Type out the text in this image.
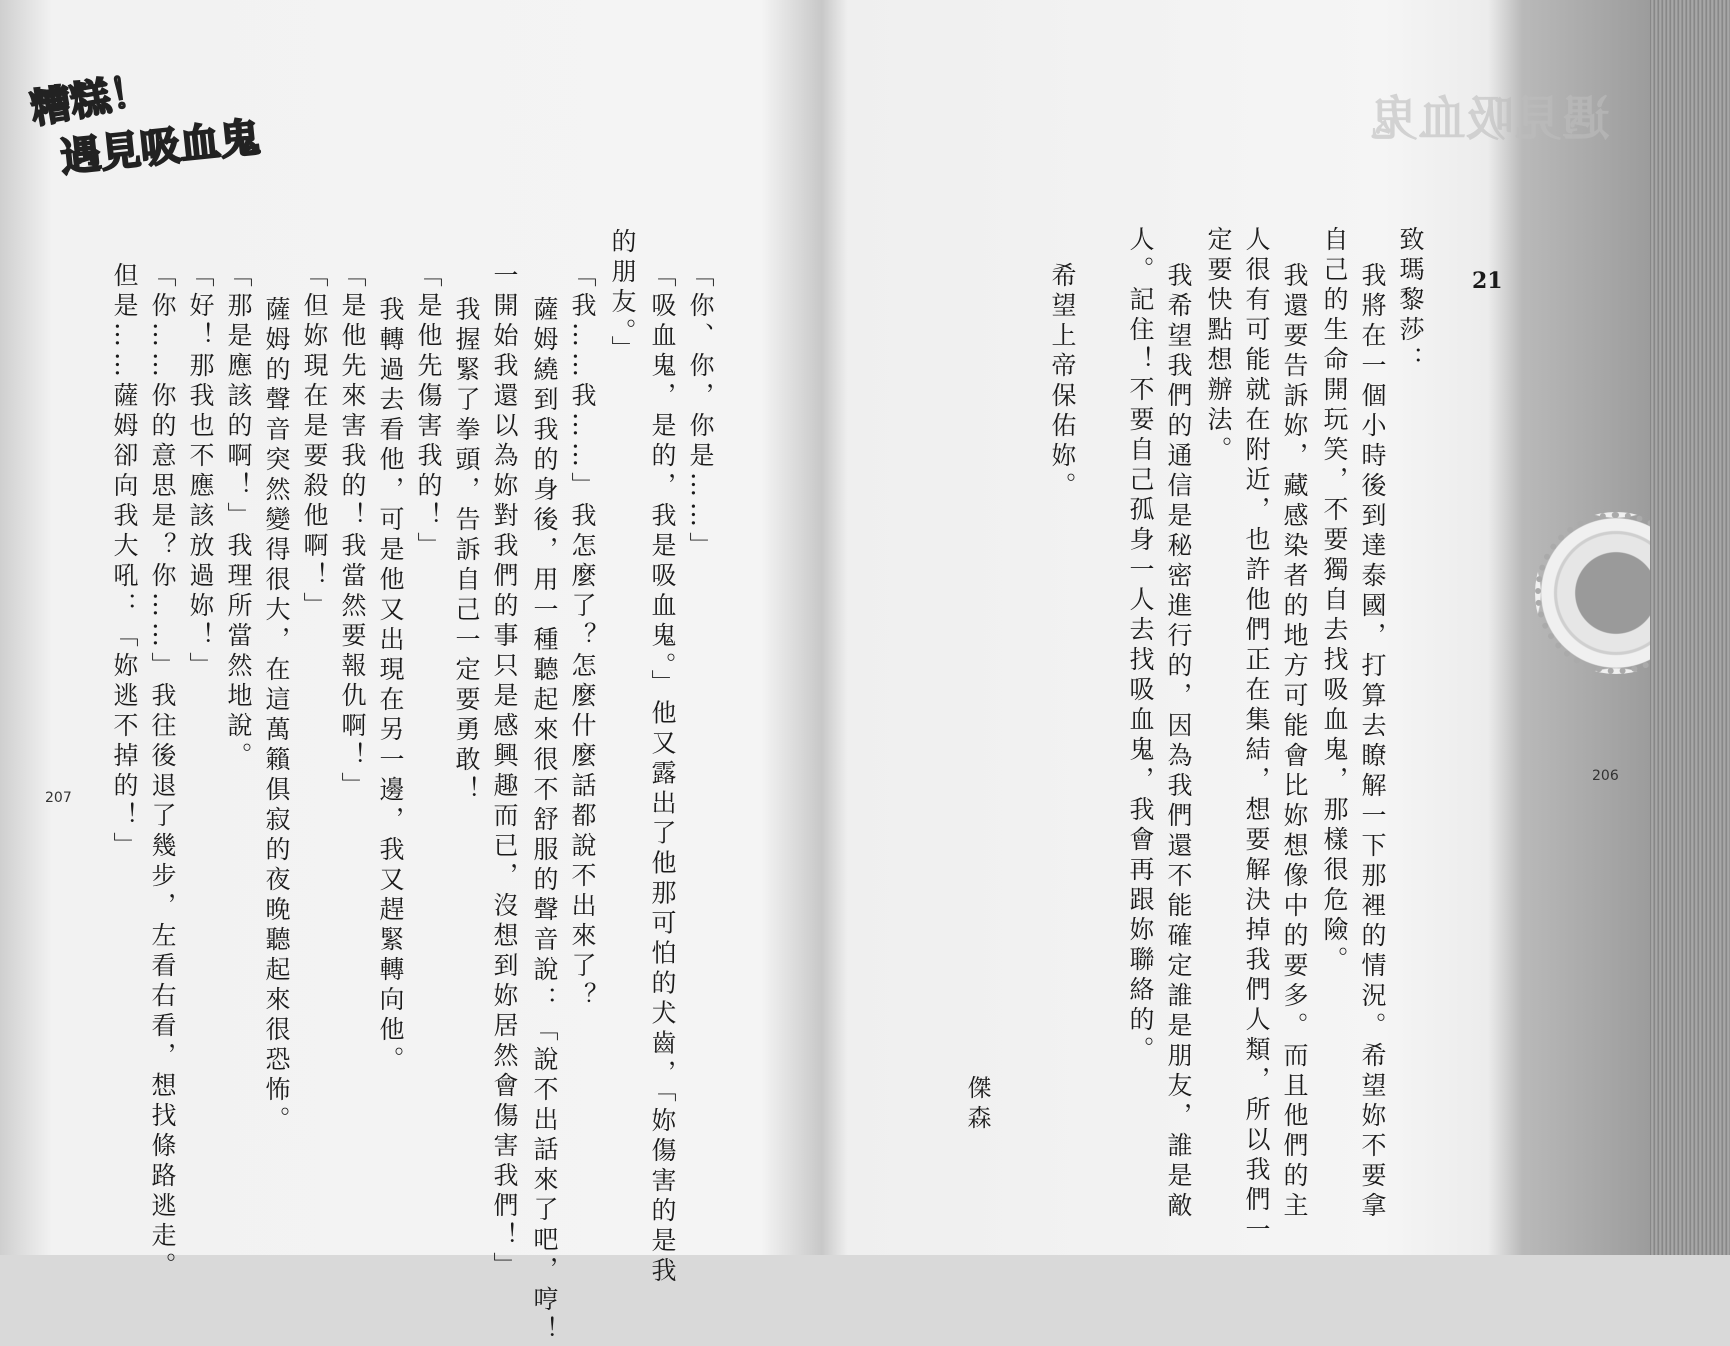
糟糕！
遇見吸血鬼
「你、你，你是……」
「吸血鬼，是的，我是吸血鬼。」他又露出了他那可怕的犬齒，「妳傷害的是我
的朋友。」
「我……我……」我怎麼了？怎麼什麼話都說不出來了？
薩姆繞到我的身後，用一種聽起來很不舒服的聲音說：「說不出話來了吧，哼！
一開始我還以為妳對我們的事只是感興趣而已，沒想到妳居然會傷害我們！」
我握緊了拳頭，告訴自己一定要勇敢！
「是他先傷害我的！」
我轉過去看他，可是他又出現在另一邊，我又趕緊轉向他。
「是他先來害我的！我當然要報仇啊！」
「但妳現在是要殺他啊！」
薩姆的聲音突然變得很大，在這萬籟俱寂的夜晚聽起來很恐怖。
「那是應該的啊！」我理所當然地說。
「好！那我也不應該放過妳！」
「你……你的意思是？你……」我往後退了幾步，左看右看，想找條路逃走。
但是……薩姆卻向我大吼：「妳逃不掉的！」
207
遇見吸血鬼
21
致瑪黎莎：
我將在一個小時後到達泰國，打算去瞭解一下那裡的情況。希望妳不要拿
自己的生命開玩笑，不要獨自去找吸血鬼，那樣很危險。
我還要告訴妳，藏感染者的地方可能會比妳想像中的要多。而且他們的主
人很有可能就在附近，也許他們正在集結，想要解決掉我們人類，所以我們一
定要快點想辦法。
我希望我們的通信是秘密進行的，因為我們還不能確定誰是朋友，誰是敵
人。記住！不要自己孤身一人去找吸血鬼，我會再跟妳聯絡的。
希望上帝保佑妳。
傑森
206
